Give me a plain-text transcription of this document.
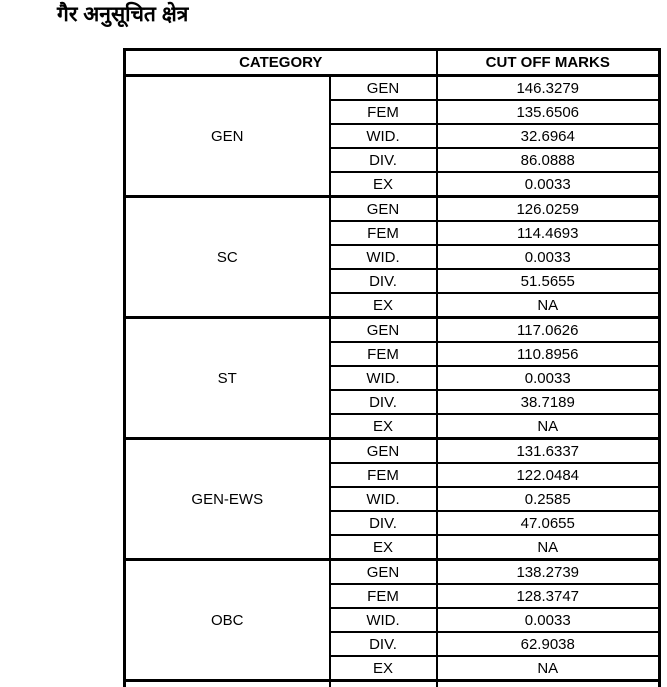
गैर अनुसूचित क्षेत्र
CATEGORY		CUT OFF MARKS
GEN	GEN	146.3279
	FEM	135.6506
	WID.	32.6964
	DIV.	86.0888
	EX	0.0033
SC	GEN	126.0259
	FEM	114.4693
	WID.	0.0033
	DIV.	51.5655
	EX	NA
ST	GEN	117.0626
	FEM	110.8956
	WID.	0.0033
	DIV.	38.7189
	EX	NA
GEN-EWS	GEN	131.6337
	FEM	122.0484
	WID.	0.2585
	DIV.	47.0655
	EX	NA
OBC	GEN	138.2739
	FEM	128.3747
	WID.	0.0033
	DIV.	62.9038
	EX	NA
